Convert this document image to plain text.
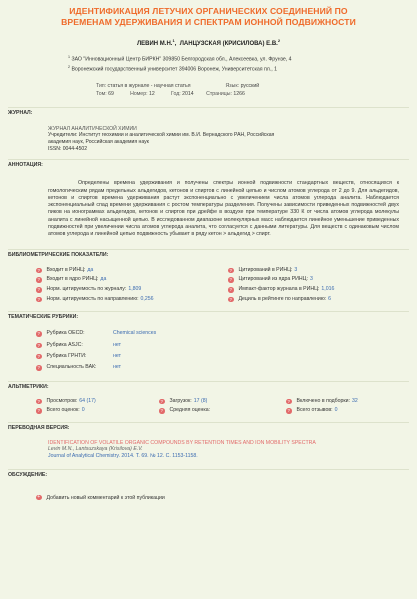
ИДЕНТИФИКАЦИЯ ЛЕТУЧИХ ОРГАНИЧЕСКИХ СОЕДИНЕНИЙ ПО
ВРЕМЕНАМ УДЕРЖИВАНИЯ И СПЕКТРАМ ИОННОЙ ПОДВИЖНОСТИ
ЛЕВИН М.Н.$^1$,  ЛАНЦУЗСКАЯ (КРИСИЛОВА) Е.В.$^2$
$^1$ ЗАО "Инновационный Центр БИРКН" 309850 Белгородская обл., Алексеевка, ул. Фрунзе, 4
$^2$ Воронежский государственный университет 394006 Воронеж, Университетская пл., 1
Тип:
статья в журнале - научная статья	Язык:
русский
Том:
69	Номер:
12	Год:
2014	Страницы:
1266
ЖУРНАЛ:
ЖУРНАЛ АНАЛИТИЧЕСКОЙ ХИМИИ
Учредители: Институт геохимии и аналитической химии им. В.И. Вернадского РАН, Российская
академия наук, Российская академия наук
ISSN: 0044-4502
АННОТАЦИЯ:
Определены времена удерживания и получены спектры ионной подвижности стандартных веществ, относящихся к гомологическим рядам предельных альдегидов, кетонов и спиртов с линейной цепью и числом атомов углерода от 2 до 9. Для альдегидов, кетонов и спиртов времена удерживания растут экспоненциально с увеличением числа атомов углерода аналита. Наблюдается экспоненциальный спад времени удерживания с ростом температуры разделения. Получены зависимости приведенных подвижностей двух пиков на ионограммах альдегидов, кетонов и спиртов при дрейфе в воздухе при температуре 330 К от числа атомов углерода молекулы аналита с линейной насыщенной цепью. В исследованном диапазоне молекулярных масс наблюдается линейное уменьшение приведенных подвижностей при увеличении числа атомов углерода аналита, что согласуется с данными литературы. Для веществ с одинаковым числом атомов углерода и линейной цепью подвижность убывает в ряду кетон > альдегид > спирт.
БИБЛИОМЕТРИЧЕСКИЕ ПОКАЗАТЕЛИ:
? Входит в РИНЦ: да	? Цитирований в РИНЦ: 3
? Входит в ядро РИНЦ: да	? Цитирований из ядра РИНЦ: 3
? Норм. цитируемость по журналу: 1,809	? Импакт-фактор журнала в РИНЦ: 1,016
? Норм. цитируемость по направлению: 0,256	? Дециль в рейтинге по направлению: 6
ТЕМАТИЧЕСКИЕ РУБРИКИ:
? Рубрика OECD:	Chemical sciences
? Рубрика ASJC:	нет
? Рубрика ГРНТИ:	нет
? Специальность ВАК:	нет
АЛЬТМЕТРИКИ:
? Просмотров: 64 (17)	? Загрузок: 17 (8)	? Включено в подборки: 32
? Всего оценок: 0	? Средняя оценка:	? Всего отзывов: 0
ПЕРЕВОДНАЯ ВЕРСИЯ:
IDENTIFICATION OF VOLATILE ORGANIC COMPOUNDS BY RETENTION TIMES AND ION MOBILITY SPECTRA
Levin M.N., Lantsuzskaya (Krisilova) E.V.
Journal of Analytical Chemistry. 2014. Т. 69. № 12. С. 1153-1158.
ОБСУЖДЕНИЕ:
+ Добавить новый комментарий к этой публикации
